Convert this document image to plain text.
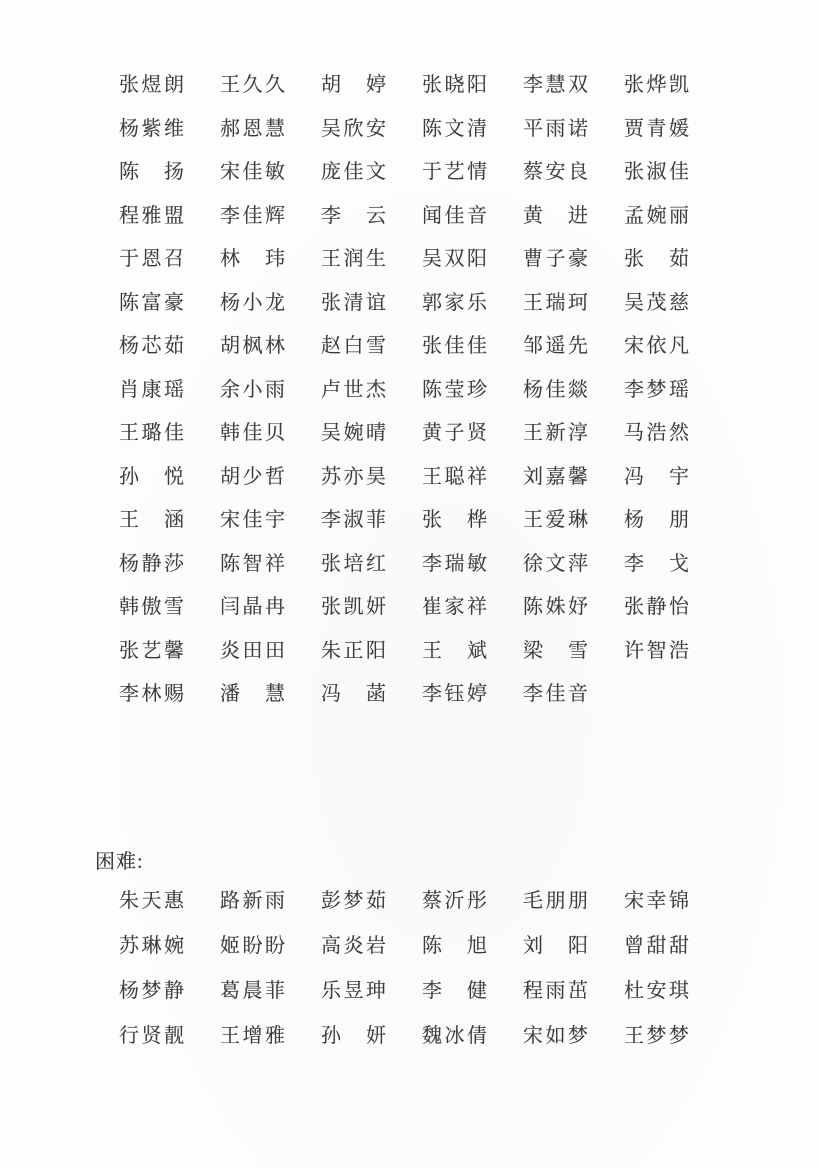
张煜朗	王久久	胡　婷	张晓阳	李慧双	张烨凯
杨紫维	郝恩慧	吴欣安	陈文清	平雨诺	贾青媛
陈　扬	宋佳敏	庞佳文	于艺情	蔡安良	张淑佳
程雅盟	李佳辉	李　云	闻佳音	黄　进	孟婉丽
于恩召	林　玮	王润生	吴双阳	曹子豪	张　茹
陈富豪	杨小龙	张清谊	郭家乐	王瑞珂	吴茂慈
杨芯茹	胡枫林	赵白雪	张佳佳	邹遥先	宋依凡
肖康瑶	余小雨	卢世杰	陈莹珍	杨佳燚	李梦瑶
王璐佳	韩佳贝	吴婉晴	黄子贤	王新淳	马浩然
孙　悦	胡少哲	苏亦昊	王聪祥	刘嘉馨	冯　宇
王　涵	宋佳宇	李淑菲	张　桦	王爱琳	杨　朋
杨静莎	陈智祥	张培红	李瑞敏	徐文萍	李　戈
韩傲雪	闫晶冉	张凯妍	崔家祥	陈姝妤	张静怡
张艺馨	炎田田	朱正阳	王　斌	梁　雪	许智浩
李林赐	潘　慧	冯　菡	李钰婷	李佳音
困难:
朱天惠	路新雨	彭梦茹	蔡沂彤	毛朋朋	宋幸锦
苏琳婉	姬盼盼	高炎岩	陈　旭	刘　阳	曾甜甜
杨梦静	葛晨菲	乐昱珅	李　健	程雨茁	杜安琪
行贤靓	王增雅	孙　妍	魏冰倩	宋如梦	王梦梦
